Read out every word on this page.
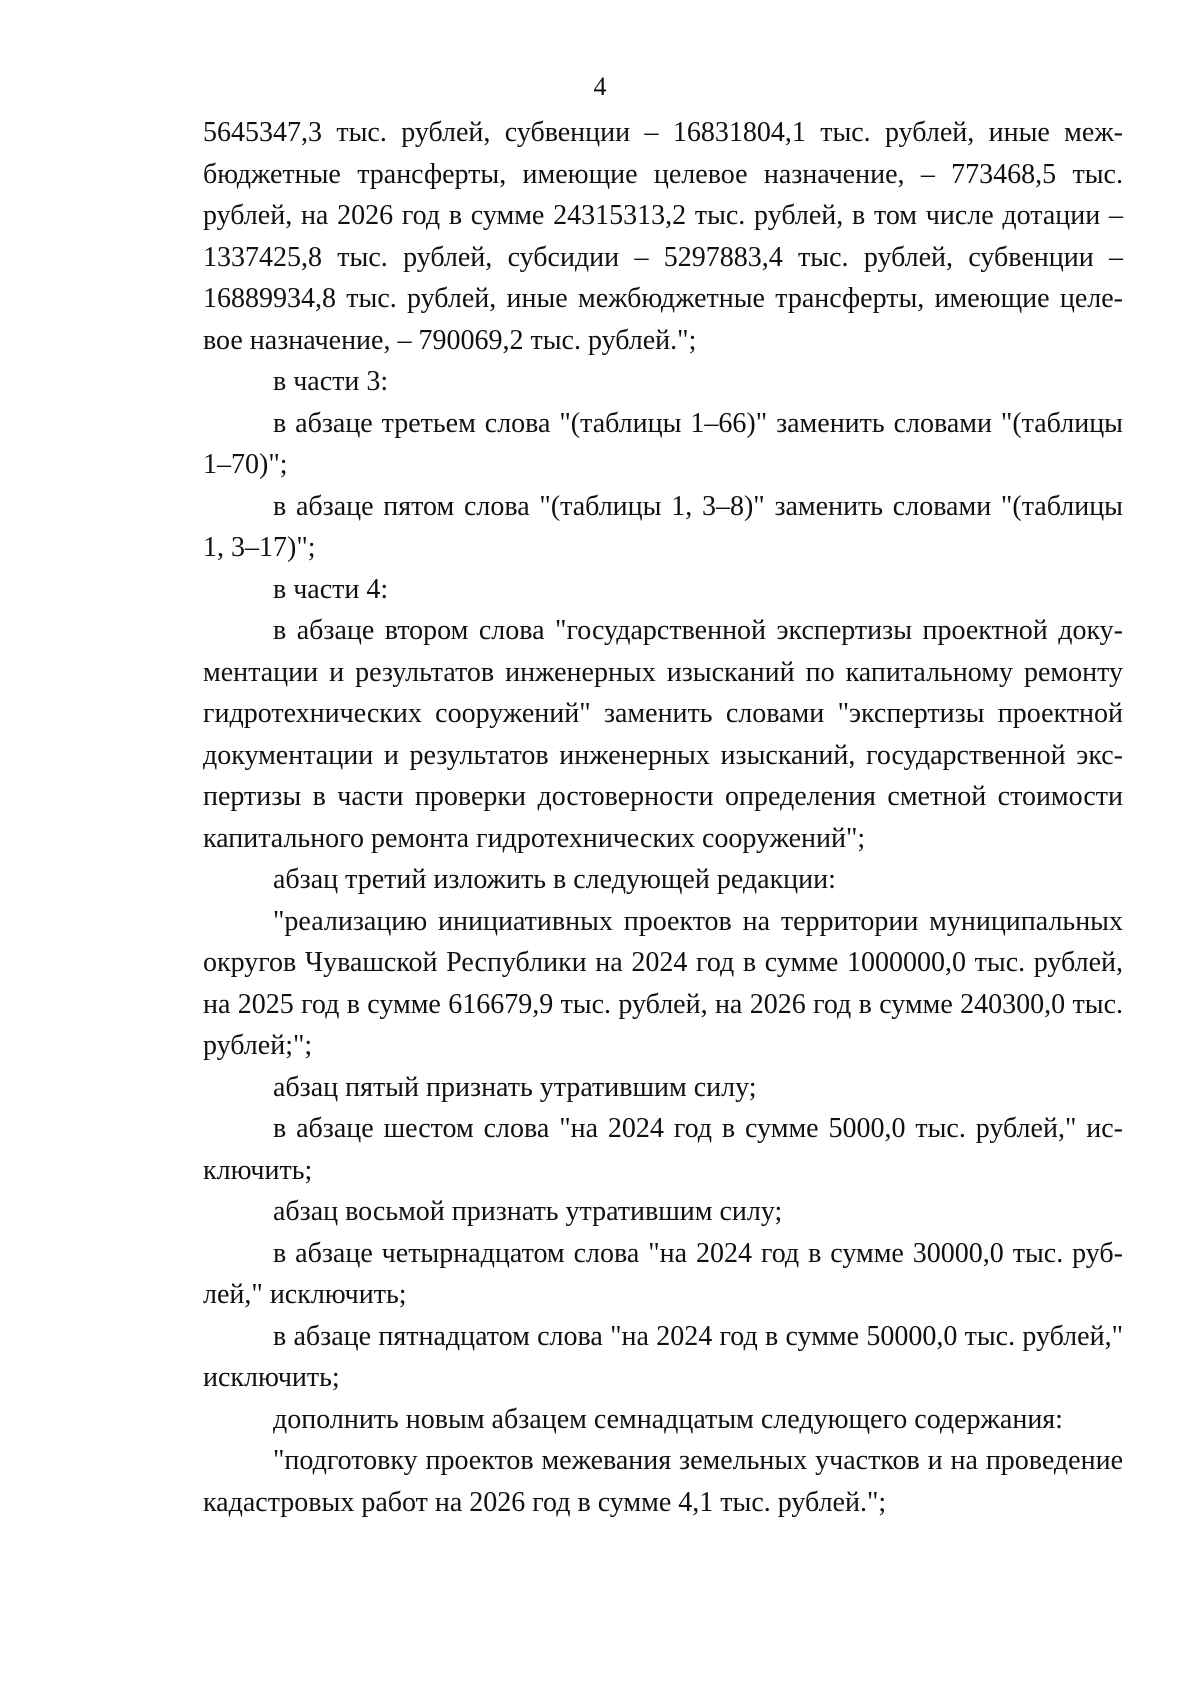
4

5645347,3 тыс. рублей, субвенции – 16831804,1 тыс. рублей, иные межбюджетные трансферты, имеющие целевое назначение, – 773468,5 тыс. рублей, на 2026 год в сумме 24315313,2 тыс. рублей, в том числе дотации – 1337425,8 тыс. рублей, субсидии – 5297883,4 тыс. рублей, субвенции – 16889934,8 тыс. рублей, иные межбюджетные трансферты, имеющие целевое назначение, – 790069,2 тыс. рублей.";

в части 3:

в абзаце третьем слова "(таблицы 1–66)" заменить словами "(таблицы 1–70)";

в абзаце пятом слова "(таблицы 1, 3–8)" заменить словами "(таблицы 1, 3–17)";

в части 4:

в абзаце втором слова "государственной экспертизы проектной документации и результатов инженерных изысканий по капитальному ремонту гидротехнических сооружений" заменить словами "экспертизы проектной документации и результатов инженерных изысканий, государственной экспертизы в части проверки достоверности определения сметной стоимости капитального ремонта гидротехнических сооружений";

абзац третий изложить в следующей редакции:

"реализацию инициативных проектов на территории муниципальных округов Чувашской Республики на 2024 год в сумме 1000000,0 тыс. рублей, на 2025 год в сумме 616679,9 тыс. рублей, на 2026 год в сумме 240300,0 тыс. рублей;";

абзац пятый признать утратившим силу;

в абзаце шестом слова "на 2024 год в сумме 5000,0 тыс. рублей," исключить;

абзац восьмой признать утратившим силу;

в абзаце четырнадцатом слова "на 2024 год в сумме 30000,0 тыс. рублей," исключить;

в абзаце пятнадцатом слова "на 2024 год в сумме 50000,0 тыс. рублей," исключить;

дополнить новым абзацем семнадцатым следующего содержания:

"подготовку проектов межевания земельных участков и на проведение кадастровых работ на 2026 год в сумме 4,1 тыс. рублей.";
